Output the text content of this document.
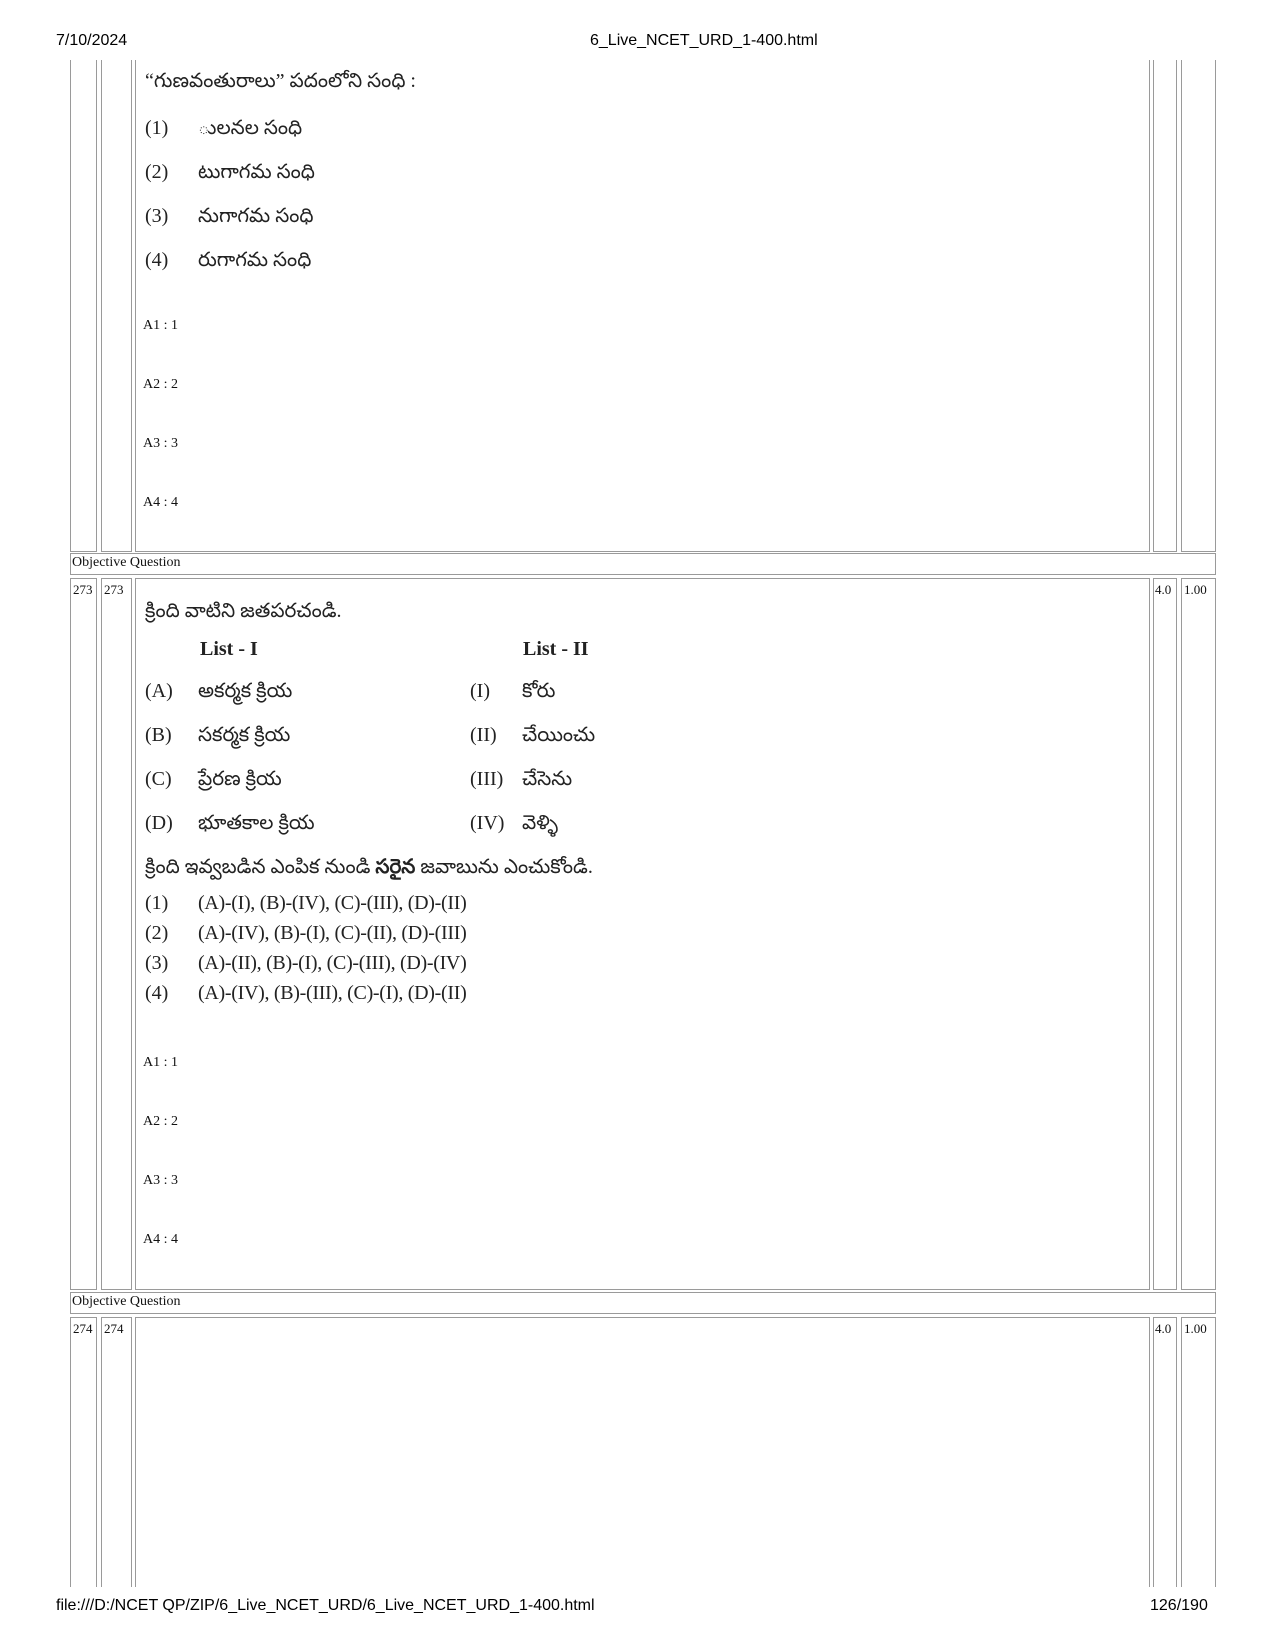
7/10/2024	6_Live_NCET_URD_1-400.html
file:///D:/NCET QP/ZIP/6_Live_NCET_URD/6_Live_NCET_URD_1-400.html	126/190
“గుణవంతురాలు” పదంలోని సంధి :
(1) ులనల సంధి
(2) టుగాగమ సంధి
(3) నుగాగమ సంధి
(4) రుగాగమ సంధి
A1 : 1
A2 : 2
A3 : 3
A4 : 4
Objective Question
273 273	4.0 1.00
క్రింది వాటిని జతపరచండి.
List - I	List - II
(A) అకర్మక క్రియ	(I) కోరు
(B) సకర్మక క్రియ	(II) చేయించు
(C) ప్రేరణ క్రియ	(III) చేసెను
(D) భూతకాల క్రియ	(IV) వెళ్ళి
క్రింది ఇవ్వబడిన ఎంపిక నుండి సరైన జవాబును ఎంచుకోండి.
(1) (A)-(I), (B)-(IV), (C)-(III), (D)-(II)
(2) (A)-(IV), (B)-(I), (C)-(II), (D)-(III)
(3) (A)-(II), (B)-(I), (C)-(III), (D)-(IV)
(4) (A)-(IV), (B)-(III), (C)-(I), (D)-(II)
A1 : 1
A2 : 2
A3 : 3
A4 : 4
Objective Question
274 274	4.0 1.00
